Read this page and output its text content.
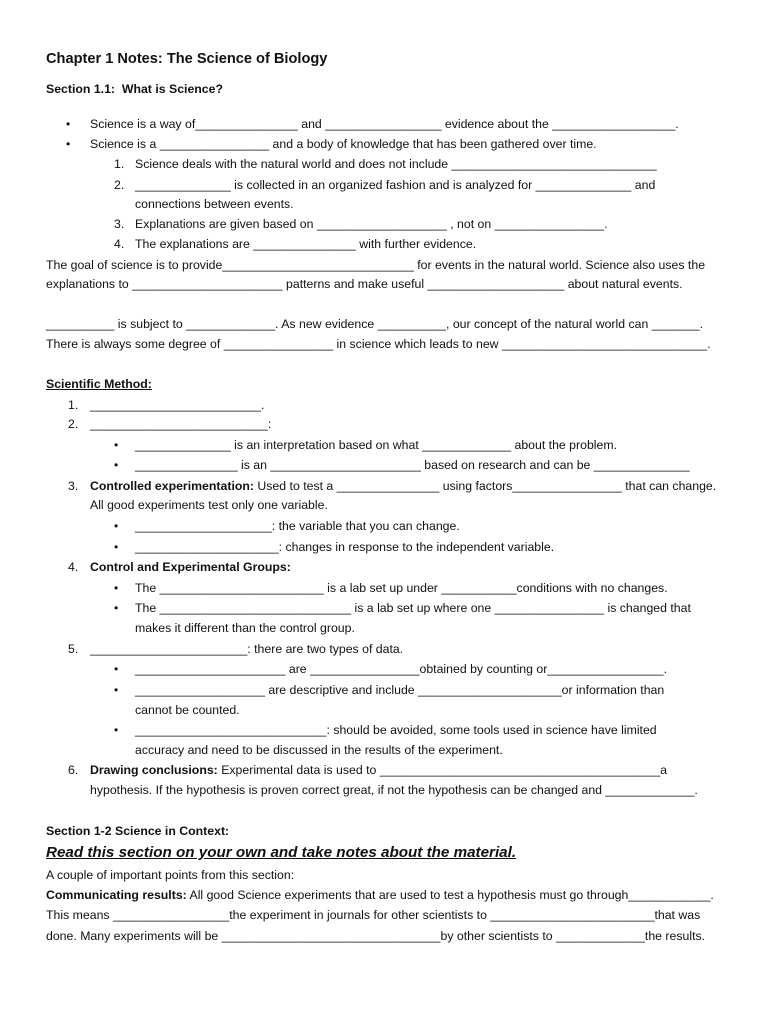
Chapter 1 Notes: The Science of Biology
Section 1.1:  What is Science?
• Science is a way of_______________ and _________________ evidence about the __________________.
• Science is a ________________ and a body of knowledge that has been gathered over time.
1. Science deals with the natural world and does not include ______________________________
2. ______________ is collected in an organized fashion and is analyzed for ______________ and
connections between events.
3. Explanations are given based on ___________________ , not on ________________.
4. The explanations are _______________ with further evidence.
The goal of science is to provide____________________________ for events in the natural world. Science also uses the
explanations to ______________________ patterns and make useful ____________________ about natural events.
__________ is subject to _____________. As new evidence __________, our concept of the natural world can _______.
There is always some degree of ________________ in science which leads to new ______________________________.
Scientific Method:
1. _________________________.
2. __________________________:
• ______________ is an interpretation based on what _____________ about the problem.
• _______________ is an ______________________ based on research and can be ______________
3. Controlled experimentation: Used to test a _______________ using factors________________ that can change.
All good experiments test only one variable.
• ____________________: the variable that you can change.
• _____________________: changes in response to the independent variable.
4. Control and Experimental Groups:
• The ________________________ is a lab set up under ___________conditions with no changes.
• The ____________________________ is a lab set up where one ________________ is changed that
makes it different than the control group.
5. _______________________: there are two types of data.
• ______________________ are ________________obtained by counting or_________________.
• ___________________ are descriptive and include _____________________or information than
cannot be counted.
• ____________________________: should be avoided, some tools used in science have limited
accuracy and need to be discussed in the results of the experiment.
6. Drawing conclusions: Experimental data is used to _________________________________________a
hypothesis. If the hypothesis is proven correct great, if not the hypothesis can be changed and _____________.
Section 1-2 Science in Context:
Read this section on your own and take notes about the material.
A couple of important points from this section:
Communicating results: All good Science experiments that are used to test a hypothesis must go through____________.
This means _________________the experiment in journals for other scientists to ________________________that was
done. Many experiments will be ________________________________by other scientists to _____________the results.
